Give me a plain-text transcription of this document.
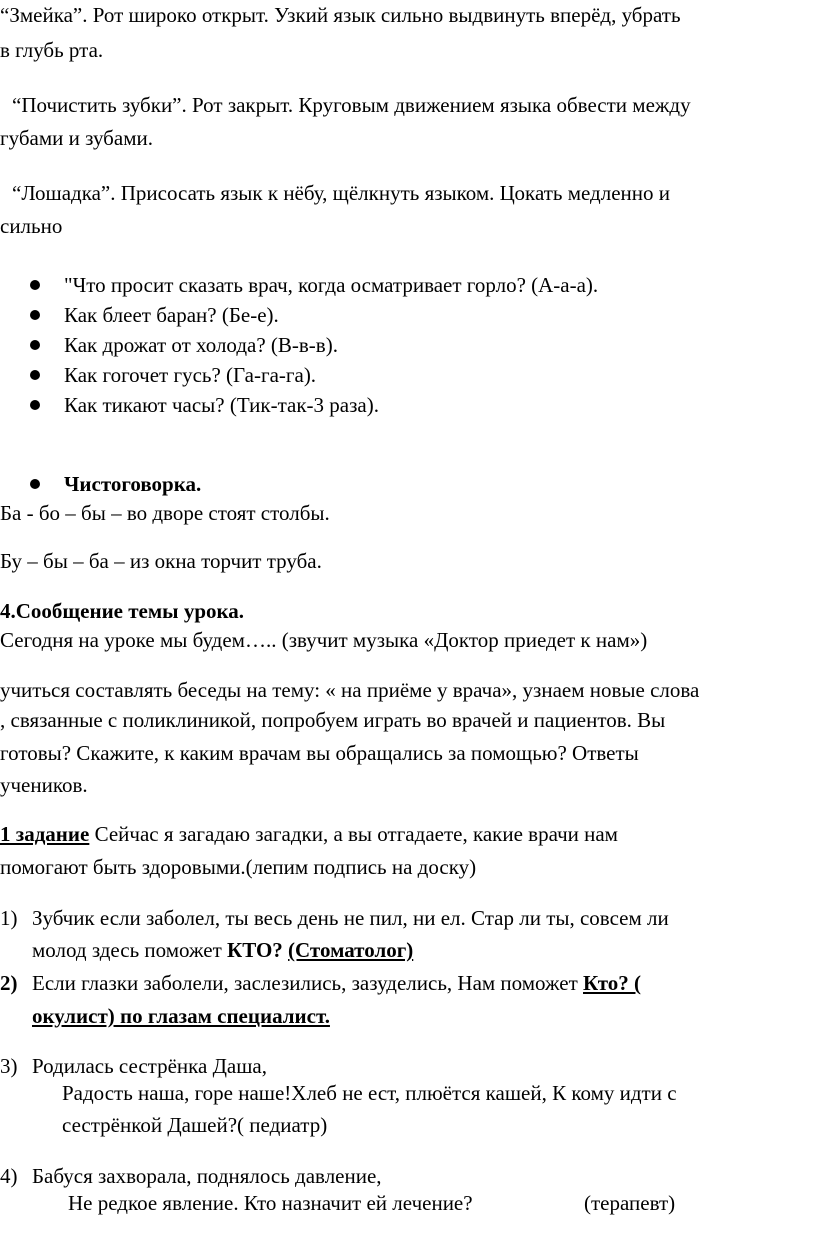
“Змейка”. Рот широко открыт. Узкий язык сильно выдвинуть вперёд, убрать
в глубь рта.
“Почистить зубки”. Рот закрыт. Круговым движением языка обвести между
губами и зубами.
“Лошадка”. Присосать язык к нёбу, щёлкнуть языком. Цокать медленно и
сильно
"Что просит сказать врач, когда осматривает горло? (А-а-а).
Как блеет баран? (Бе-е).
Как дрожат от холода? (В-в-в).
Как гогочет гусь? (Га-га-га).
Как тикают часы? (Тик-так-3 раза).
Чистоговорка.
Ба - бо – бы – во дворе стоят столбы.
Бу – бы – ба – из окна торчит труба.
4.Сообщение темы урока.
Сегодня на уроке мы будем….. (звучит музыка «Доктор приедет к нам»)
учиться составлять беседы на тему: « на приёме у врача», узнаем новые слова
, связанные с поликлиникой, попробуем играть во врачей и пациентов. Вы
готовы? Скажите, к каким врачам вы обращались за помощью? Ответы
учеников.
1 задание Сейчас я загадаю загадки, а вы отгадаете, какие врачи нам
помогают быть здоровыми.(лепим подпись на доску)
1) Зубчик если заболел, ты весь день не пил, ни ел. Стар ли ты, совсем ли
молод здесь поможет КТО? (Стоматолог)
2) Если глазки заболели, заслезились, зазуделись, Нам поможет Кто? (
окулист) по глазам специалист.
3) Родилась сестрёнка Даша,
Радость наша, горе наше!Хлеб не ест, плюётся кашей, К кому идти с
сестрёнкой Дашей?( педиатр)
4) Бабуся захворала, поднялось давление,
Не редкое явление. Кто назначит ей лечение?	(терапевт)
